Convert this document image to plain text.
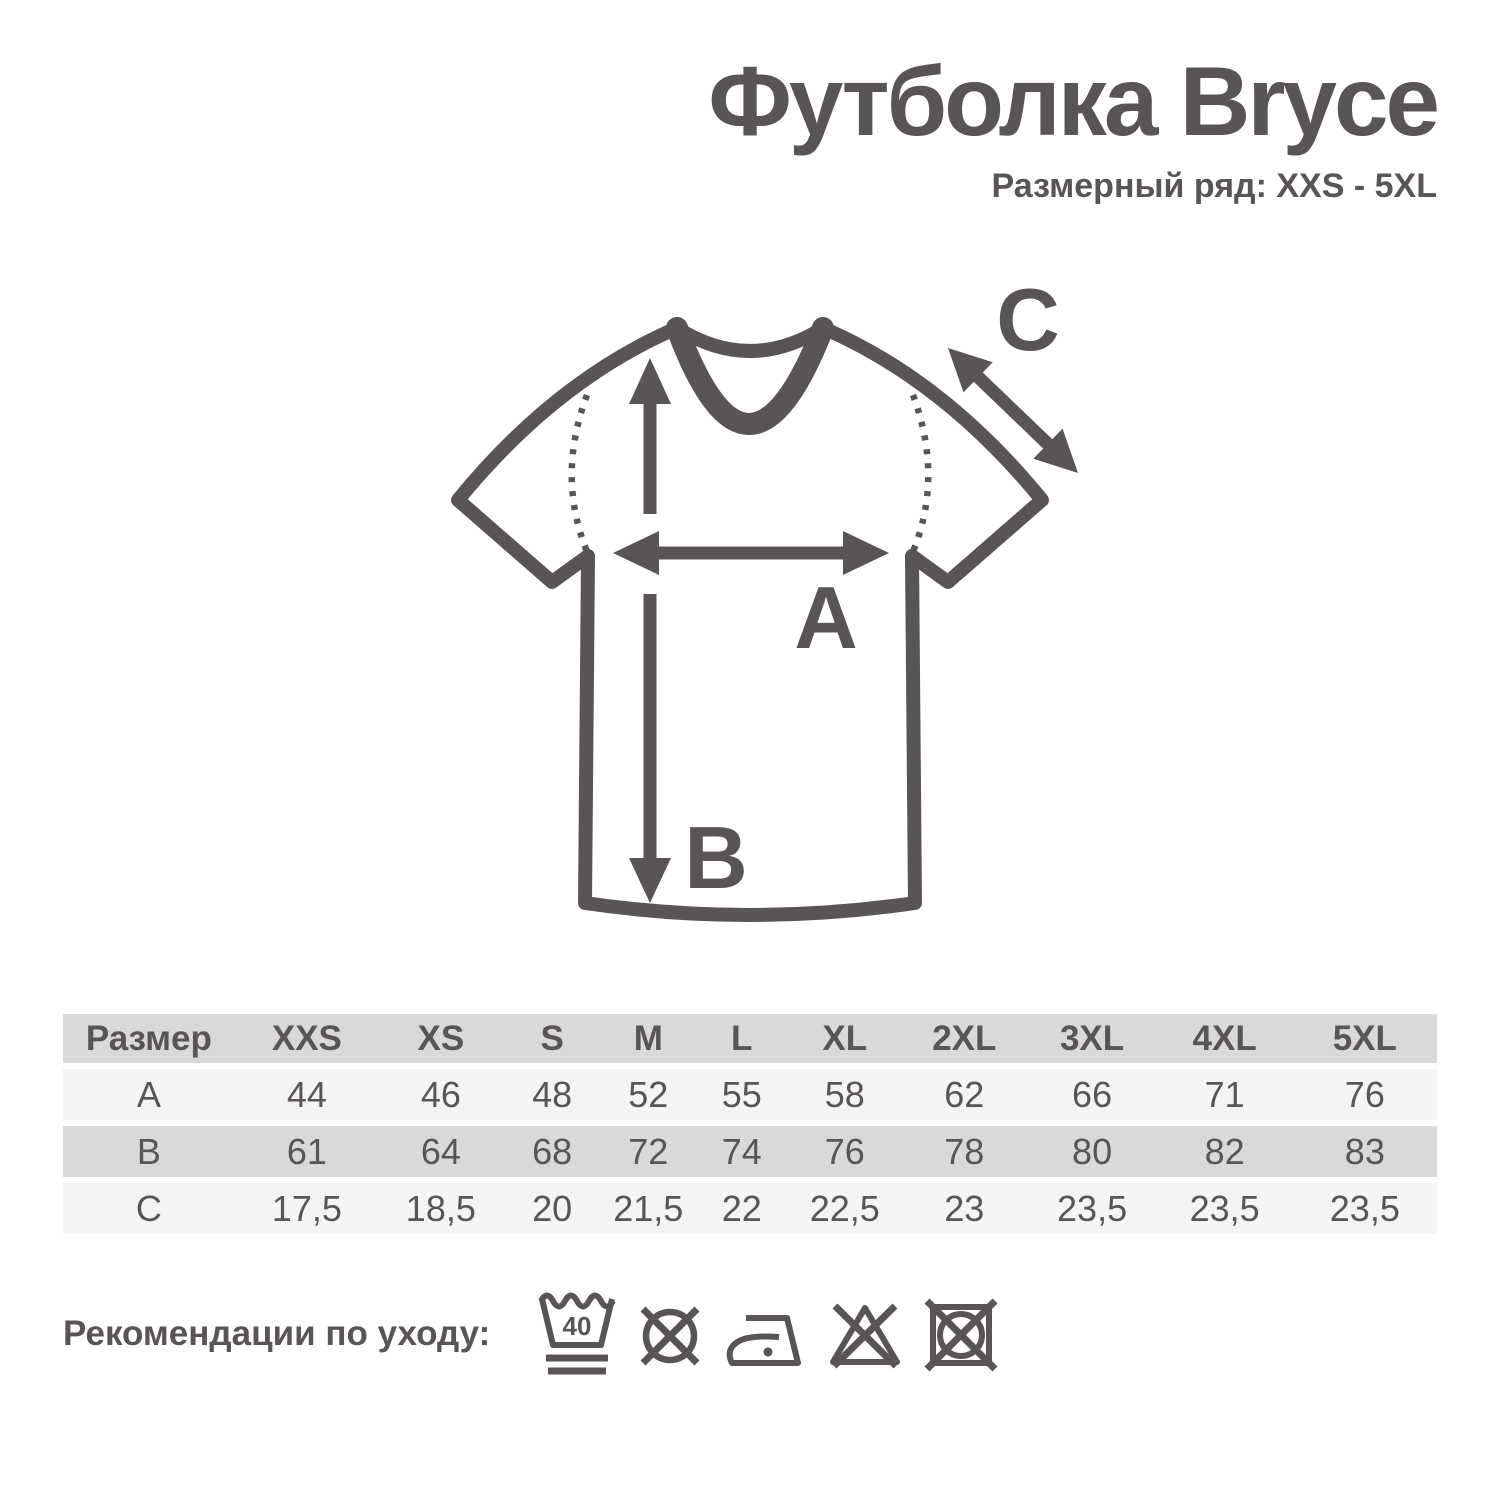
Футболка Bryce
Размерный ряд: XXS - 5XL
A
B
C
Размер	XXS	XS	S	M	L	XL	2XL	3XL	4XL	5XL
A	44	46	48	52	55	58	62	66	71	76
B	61	64	68	72	74	76	78	80	82	83
C	17,5	18,5	20	21,5	22	22,5	23	23,5	23,5	23,5
Рекомендации по уходу:	40
